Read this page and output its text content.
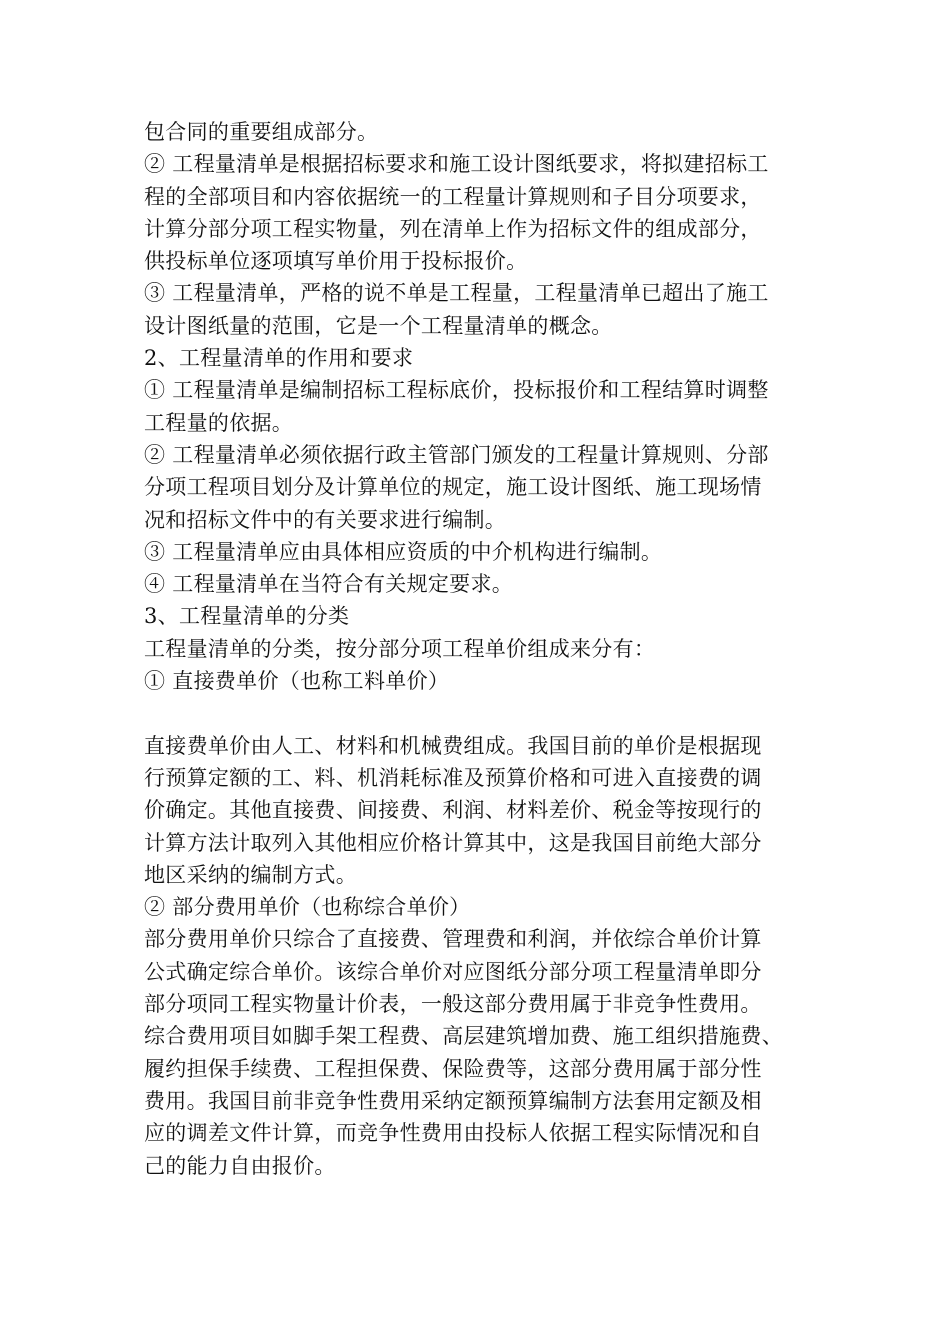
包合同的重要组成部分。
② 工程量清单是根据招标要求和施工设计图纸要求，将拟建招标工
程的全部项目和内容依据统一的工程量计算规则和子目分项要求，
计算分部分项工程实物量，列在清单上作为招标文件的组成部分，
供投标单位逐项填写单价用于投标报价。
③ 工程量清单，严格的说不单是工程量，工程量清单已超出了施工
设计图纸量的范围，它是一个工程量清单的概念。
2、工程量清单的作用和要求
① 工程量清单是编制招标工程标底价，投标报价和工程结算时调整
工程量的依据。
② 工程量清单必须依据行政主管部门颁发的工程量计算规则、分部
分项工程项目划分及计算单位的规定，施工设计图纸、施工现场情
况和招标文件中的有关要求进行编制。
③ 工程量清单应由具体相应资质的中介机构进行编制。
④ 工程量清单在当符合有关规定要求。
3、工程量清单的分类
工程量清单的分类，按分部分项工程单价组成来分有：
① 直接费单价（也称工料单价）
直接费单价由人工、材料和机械费组成。我国目前的单价是根据现
行预算定额的工、料、机消耗标准及预算价格和可进入直接费的调
价确定。其他直接费、间接费、利润、材料差价、税金等按现行的
计算方法计取列入其他相应价格计算其中，这是我国目前绝大部分
地区采纳的编制方式。
② 部分费用单价（也称综合单价）
部分费用单价只综合了直接费、管理费和利润，并依综合单价计算
公式确定综合单价。该综合单价对应图纸分部分项工程量清单即分
部分项同工程实物量计价表，一般这部分费用属于非竞争性费用。
综合费用项目如脚手架工程费、高层建筑增加费、施工组织措施费、
履约担保手续费、工程担保费、保险费等，这部分费用属于部分性
费用。我国目前非竞争性费用采纳定额预算编制方法套用定额及相
应的调差文件计算，而竞争性费用由投标人依据工程实际情况和自
己的能力自由报价。
